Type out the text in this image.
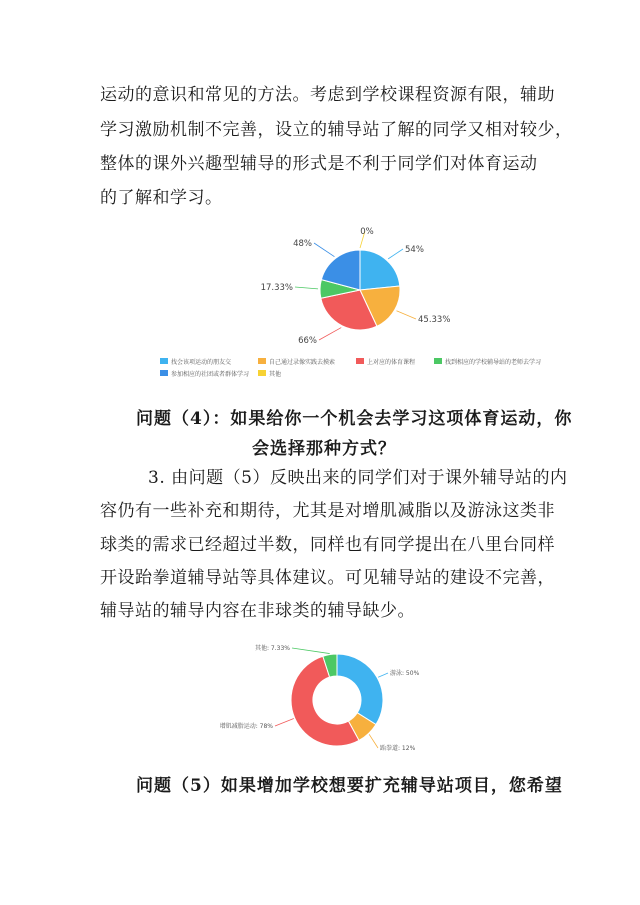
运动的意识和常见的方法。考虑到学校课程资源有限，辅助
学习激励机制不完善，设立的辅导站了解的同学又相对较少，
整体的课外兴趣型辅导的形式是不利于同学们对体育运动
的了解和学习。
54%
45.33%
66%
17.33%
48%
0%
找会该项运动的朋友交	自己通过录像实践去摸索	上对应的体育课程	找到相应的学校辅导站的老师去学习
参加相应的社团或者群体学习	其他
问题（4）：如果给你一个机会去学习这项体育运动，你
会选择那种方式？
3. 由问题（5）反映出来的同学们对于课外辅导站的内
容仍有一些补充和期待，尤其是对增肌减脂以及游泳这类非
球类的需求已经超过半数，同样也有同学提出在八里台同样
开设跆拳道辅导站等具体建议。可见辅导站的建设不完善，
辅导站的辅导内容在非球类的辅导缺少。
游泳: 50%
跆拳道: 12%
增肌减脂运动: 78%
其他: 7.33%
问题（5）如果增加学校想要扩充辅导站项目，您希望
